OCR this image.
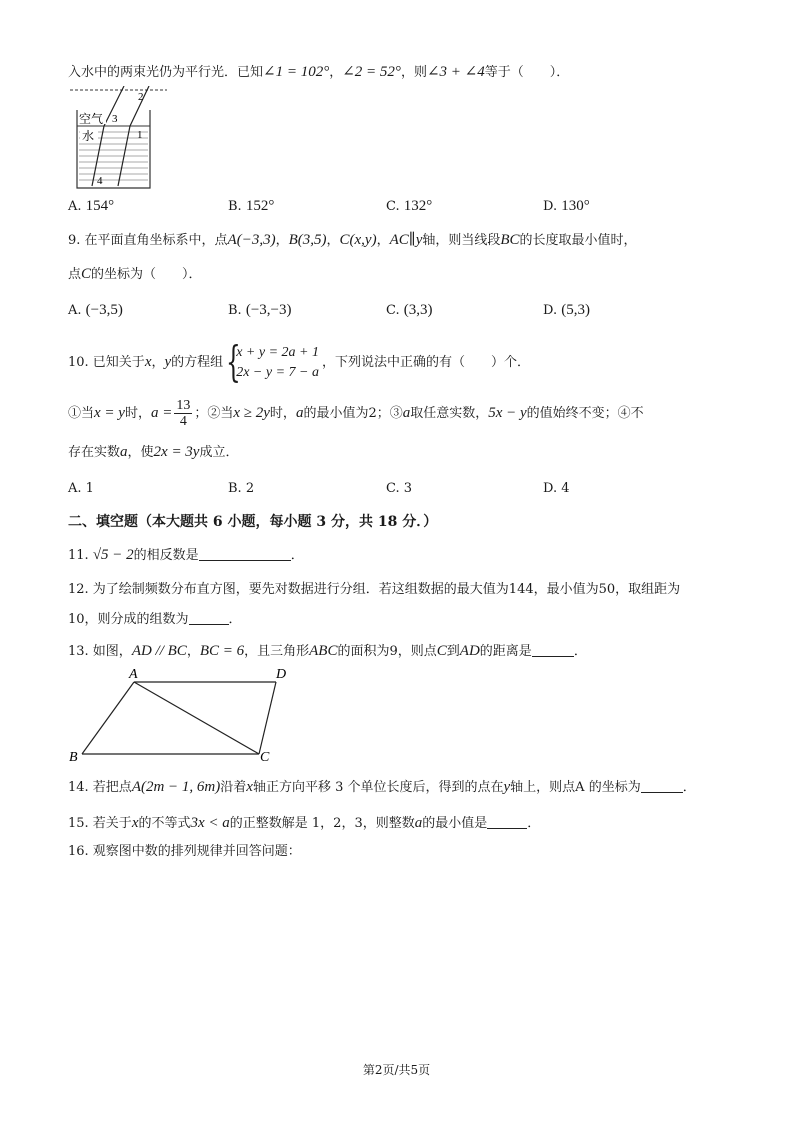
入水中的两束光仍为平行光．已知∠1 = 102°，∠2 = 52°，则∠3 + ∠4等于（　　）．
空气
水
2
3
1
4
A. 154°	B. 152°	C. 132°	D. 130°
9. 在平面直角坐标系中，点A(−3,3)，B(3,5)，C(x,y)，AC∥y轴，则当线段BC的长度取最小值时，
点C的坐标为（　　）．
A. (−3,5)	B. (−3,−3)	C. (3,3)	D. (5,3)
10. 已知关于x，y的方程组 {
x + y = 2a + 1
2x − y = 7 − a
，下列说法中正确的有（　　）个．
①当x = y时，$a = \frac{13}{4}$ ；②当x ≥ 2y时，a的最小值为2；③a取任意实数，5x − y的值始终不变；④不
存在实数a，使2x = 3y成立．
A. 1	B. 2	C. 3	D. 4
二、填空题（本大题共 6 小题，每小题 3 分，共 18 分．）
11. √5 − 2的相反数是	．
12. 为了绘制频数分布直方图，要先对数据进行分组．若这组数据的最大值为144，最小值为50，取组距为
10，则分成的组数为	．
13. 如图，AD // BC，BC = 6，且三角形ABC的面积为9，则点C到AD的距离是	．
A	D
B	C
14. 若把点A(2m − 1, 6m)沿着x轴正方向平移 3 个单位长度后，得到的点在y轴上，则点A 的坐标为	．
15. 若关于x的不等式3x < a的正整数解是 1，2，3，则整数a的最小值是	．
16. 观察图中数的排列规律并回答问题：
第2页/共5页
